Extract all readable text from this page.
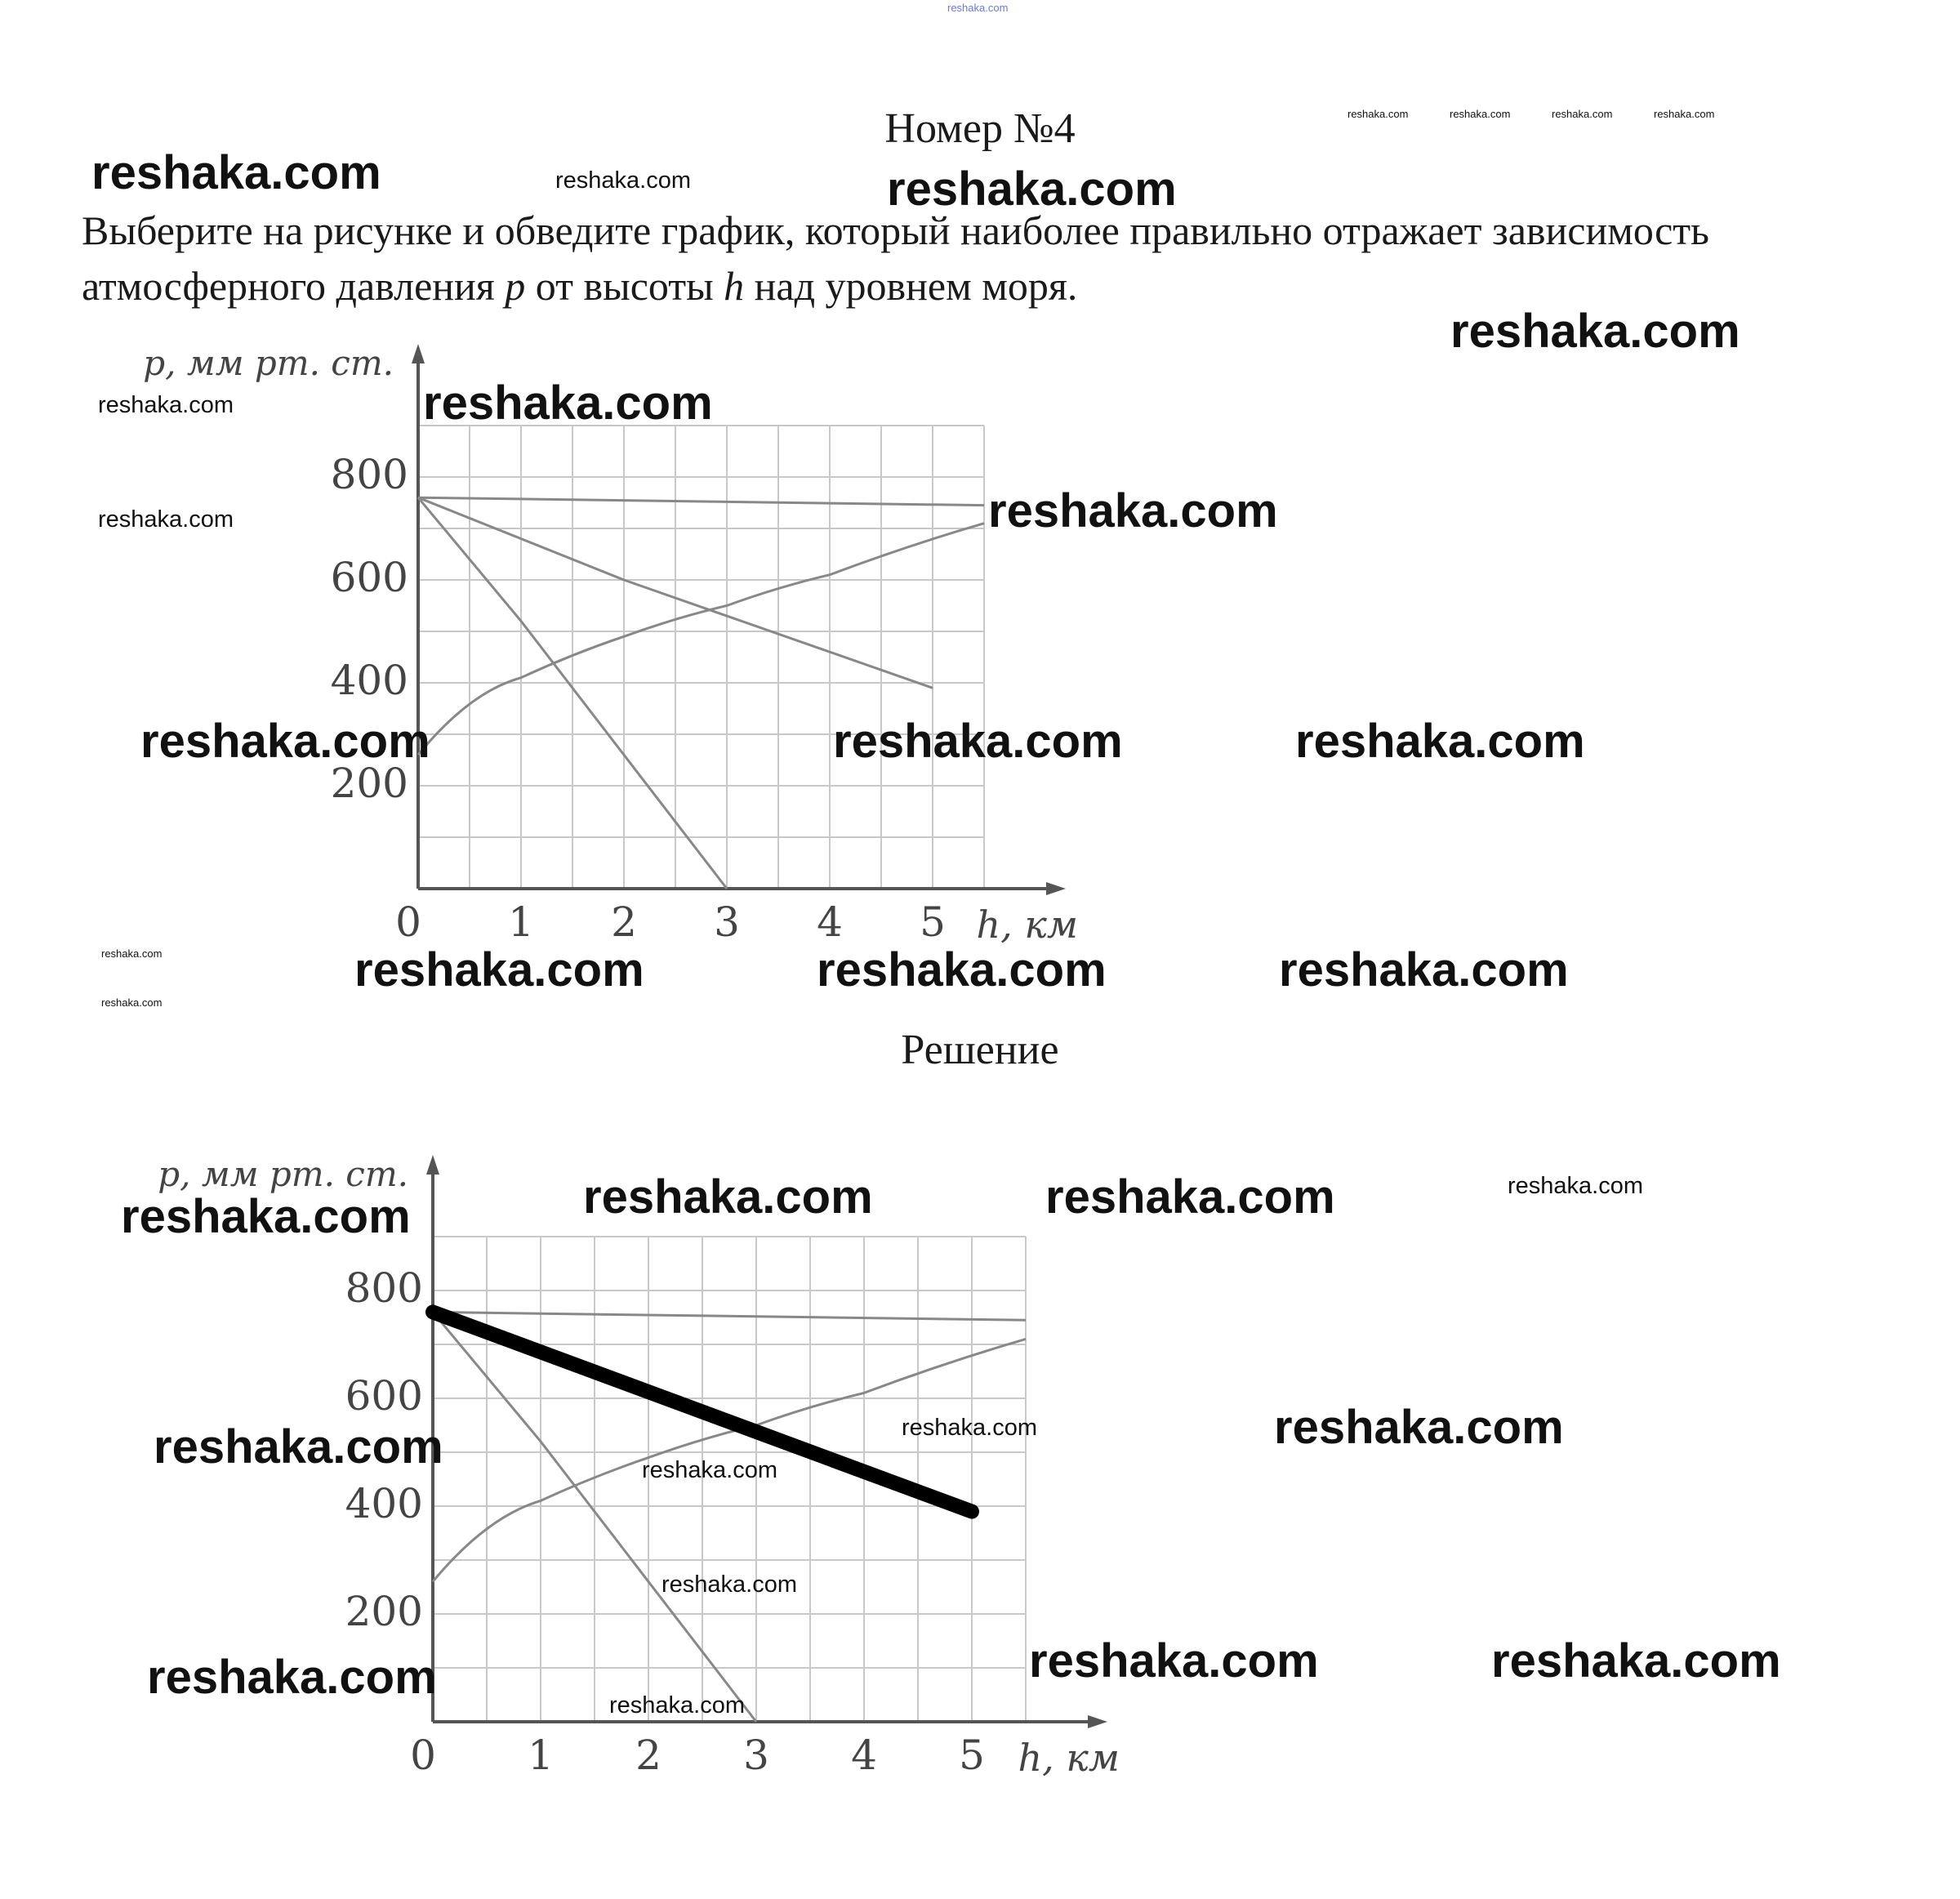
reshaka.com
Номер №4
Выберите на рисунке и обведите график, который наиболее правильно отражает зависимость атмосферного давления p от высоты h над уровнем моря.
0 1 2 3 4 5
200
400
600
800
p, мм рт. ст.
h, км
Решение
0 1 2 3 4 5
200
400
600
800
p, мм рт. ст.
h, км
reshaka.com	reshaka.com	reshaka.com	reshaka.com
reshaka.com	reshaka.com	reshaka.com
reshaka.com
reshaka.com	reshaka.com
reshaka.com	reshaka.com
reshaka.com	reshaka.com	reshaka.com
reshaka.com
reshaka.com
reshaka.com	reshaka.com	reshaka.com
reshaka.com	reshaka.com	reshaka.com	reshaka.com
reshaka.com	reshaka.com	reshaka.com
reshaka.com
reshaka.com
reshaka.com	reshaka.com	reshaka.com
reshaka.com
